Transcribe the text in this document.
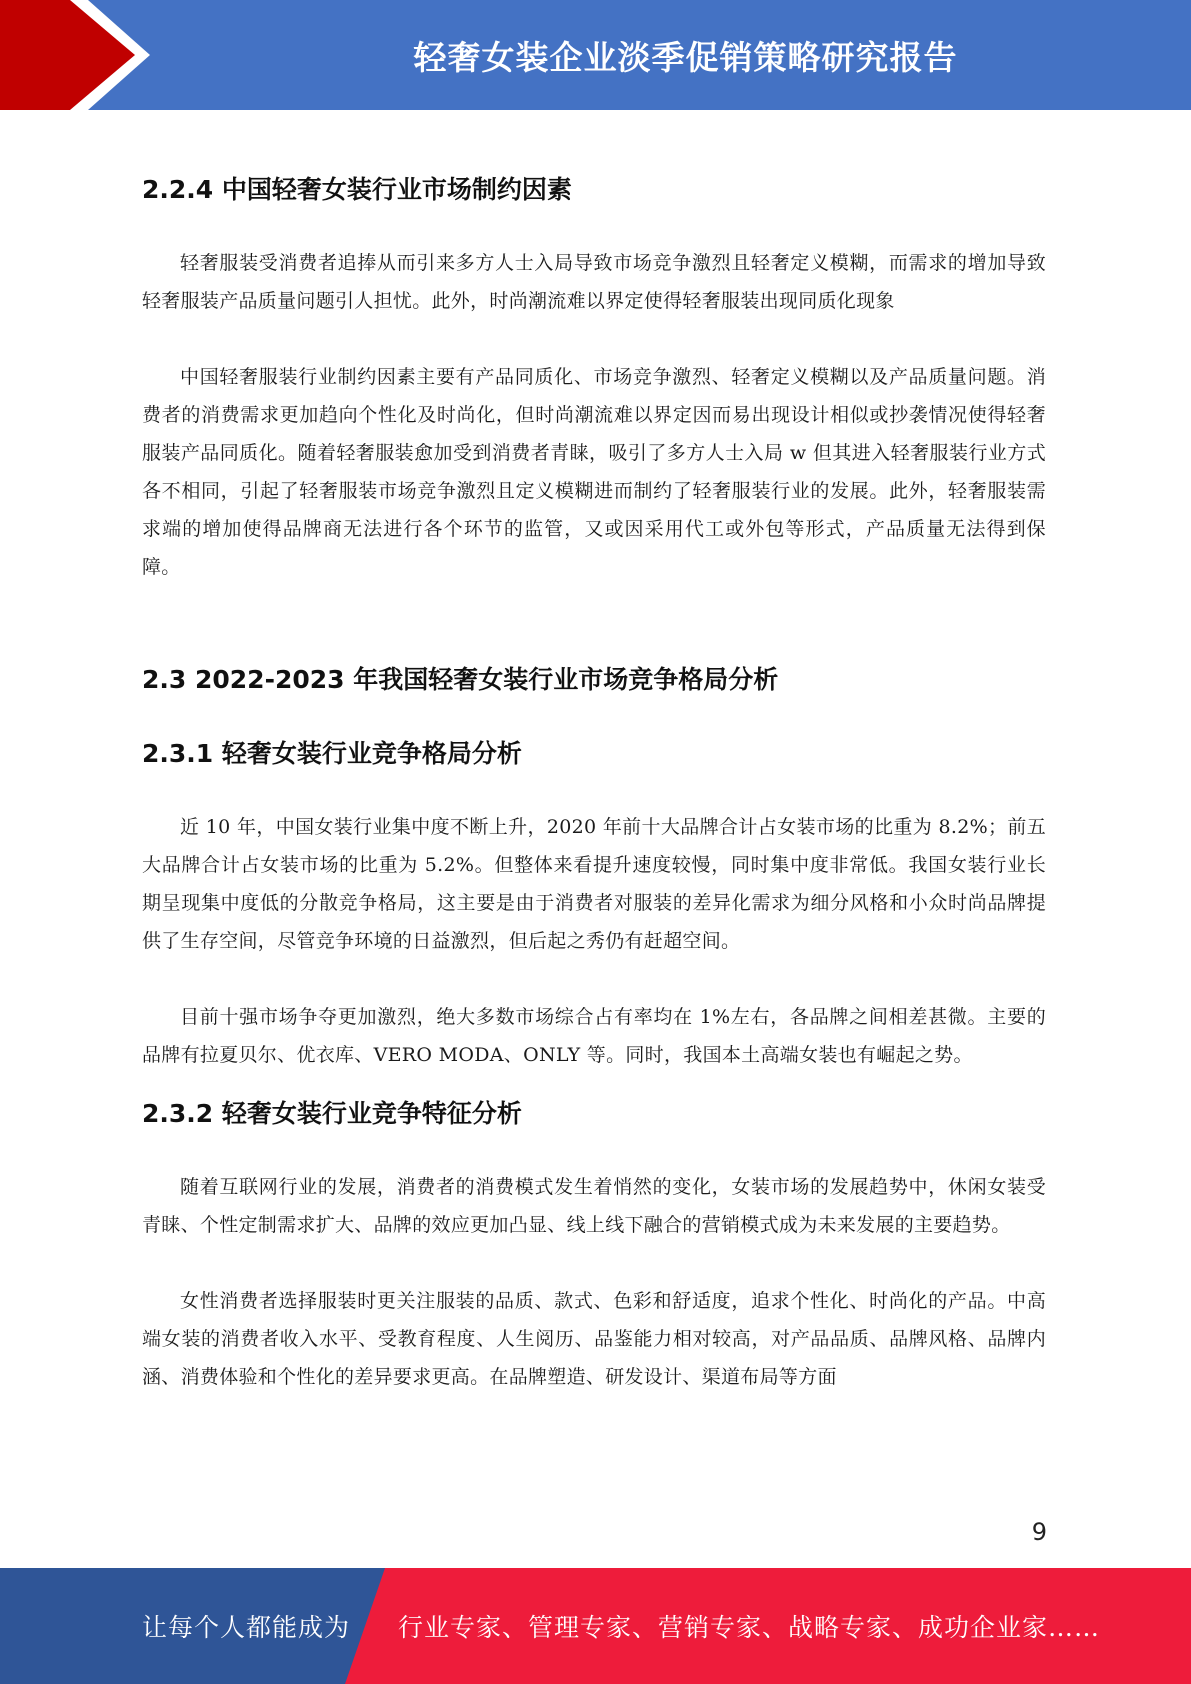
轻奢女装企业淡季促销策略研究报告
2.2.4 中国轻奢女装行业市场制约因素

轻奢服装受消费者追捧从而引来多方人士入局导致市场竞争激烈且轻奢定义模糊，而需求的增加导致轻奢服装产品质量问题引人担忧。此外，时尚潮流难以界定使得轻奢服装出现同质化现象

中国轻奢服装行业制约因素主要有产品同质化、市场竞争激烈、轻奢定义模糊以及产品质量问题。消费者的消费需求更加趋向个性化及时尚化，但时尚潮流难以界定因而易出现设计相似或抄袭情况使得轻奢服装产品同质化。随着轻奢服装愈加受到消费者青睐，吸引了多方人士入局 w 但其进入轻奢服装行业方式各不相同，引起了轻奢服装市场竞争激烈且定义模糊进而制约了轻奢服装行业的发展。此外，轻奢服装需求端的增加使得品牌商无法进行各个环节的监管，又或因采用代工或外包等形式，产品质量无法得到保障。

2.3 2022-2023 年我国轻奢女装行业市场竞争格局分析
2.3.1 轻奢女装行业竞争格局分析

近 10 年，中国女装行业集中度不断上升，2020 年前十大品牌合计占女装市场的比重为 8.2%；前五大品牌合计占女装市场的比重为 5.2%。但整体来看提升速度较慢，同时集中度非常低。我国女装行业长期呈现集中度低的分散竞争格局，这主要是由于消费者对服装的差异化需求为细分风格和小众时尚品牌提供了生存空间，尽管竞争环境的日益激烈，但后起之秀仍有赶超空间。

目前十强市场争夺更加激烈，绝大多数市场综合占有率均在 1%左右，各品牌之间相差甚微。主要的品牌有拉夏贝尔、优衣库、VERO MODA、ONLY 等。同时，我国本土高端女装也有崛起之势。

2.3.2 轻奢女装行业竞争特征分析

随着互联网行业的发展，消费者的消费模式发生着悄然的变化，女装市场的发展趋势中，休闲女装受青睐、个性定制需求扩大、品牌的效应更加凸显、线上线下融合的营销模式成为未来发展的主要趋势。

女性消费者选择服装时更关注服装的品质、款式、色彩和舒适度，追求个性化、时尚化的产品。中高端女装的消费者收入水平、受教育程度、人生阅历、品鉴能力相对较高，对产品品质、品牌风格、品牌内涵、消费体验和个性化的差异要求更高。在品牌塑造、研发设计、渠道布局等方面

9
让每个人都能成为 行业专家、管理专家、营销专家、战略专家、成功企业家……
